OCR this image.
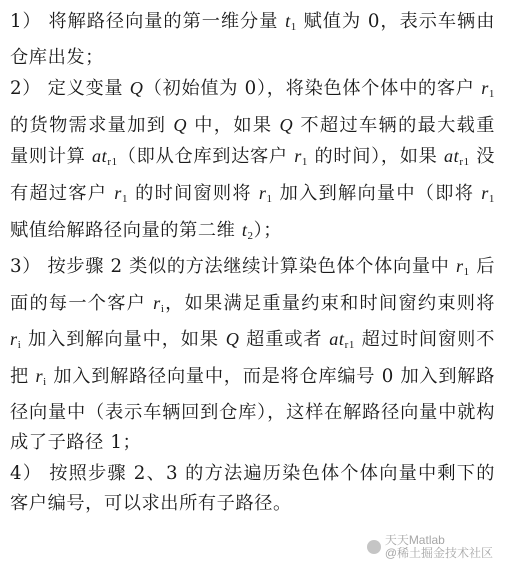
1） 将解路径向量的第一维分量 $t_1$ 赋值为 0，表示车辆由仓库出发；

2） 定义变量 Q（初始值为 0），将染色体个体中的客户 $r_1$ 的货物需求量加到 Q 中，如果 Q 不超过车辆的最大载重量则计算 $at_{r1}$（即从仓库到达客户 $r_1$ 的时间），如果 $at_{r1}$ 没有超过客户 $r_1$ 的时间窗则将 $r_1$ 加入到解向量中（即将 $r_1$ 赋值给解路径向量的第二维 $t_2$）；

3） 按步骤 2 类似的方法继续计算染色体个体向量中 $r_1$ 后面的每一个客户 $r_i$，如果满足重量约束和时间窗约束则将 $r_i$ 加入到解向量中，如果 Q 超重或者 $at_{r1}$ 超过时间窗则不把 $r_i$ 加入到解路径向量中，而是将仓库编号 0 加入到解路径向量中（表示车辆回到仓库），这样在解路径向量中就构成了子路径 1；

4） 按照步骤 2、3 的方法遍历染色体个体向量中剩下的客户编号，可以求出所有子路径。

天天Matlab
@稀土掘金技术社区
